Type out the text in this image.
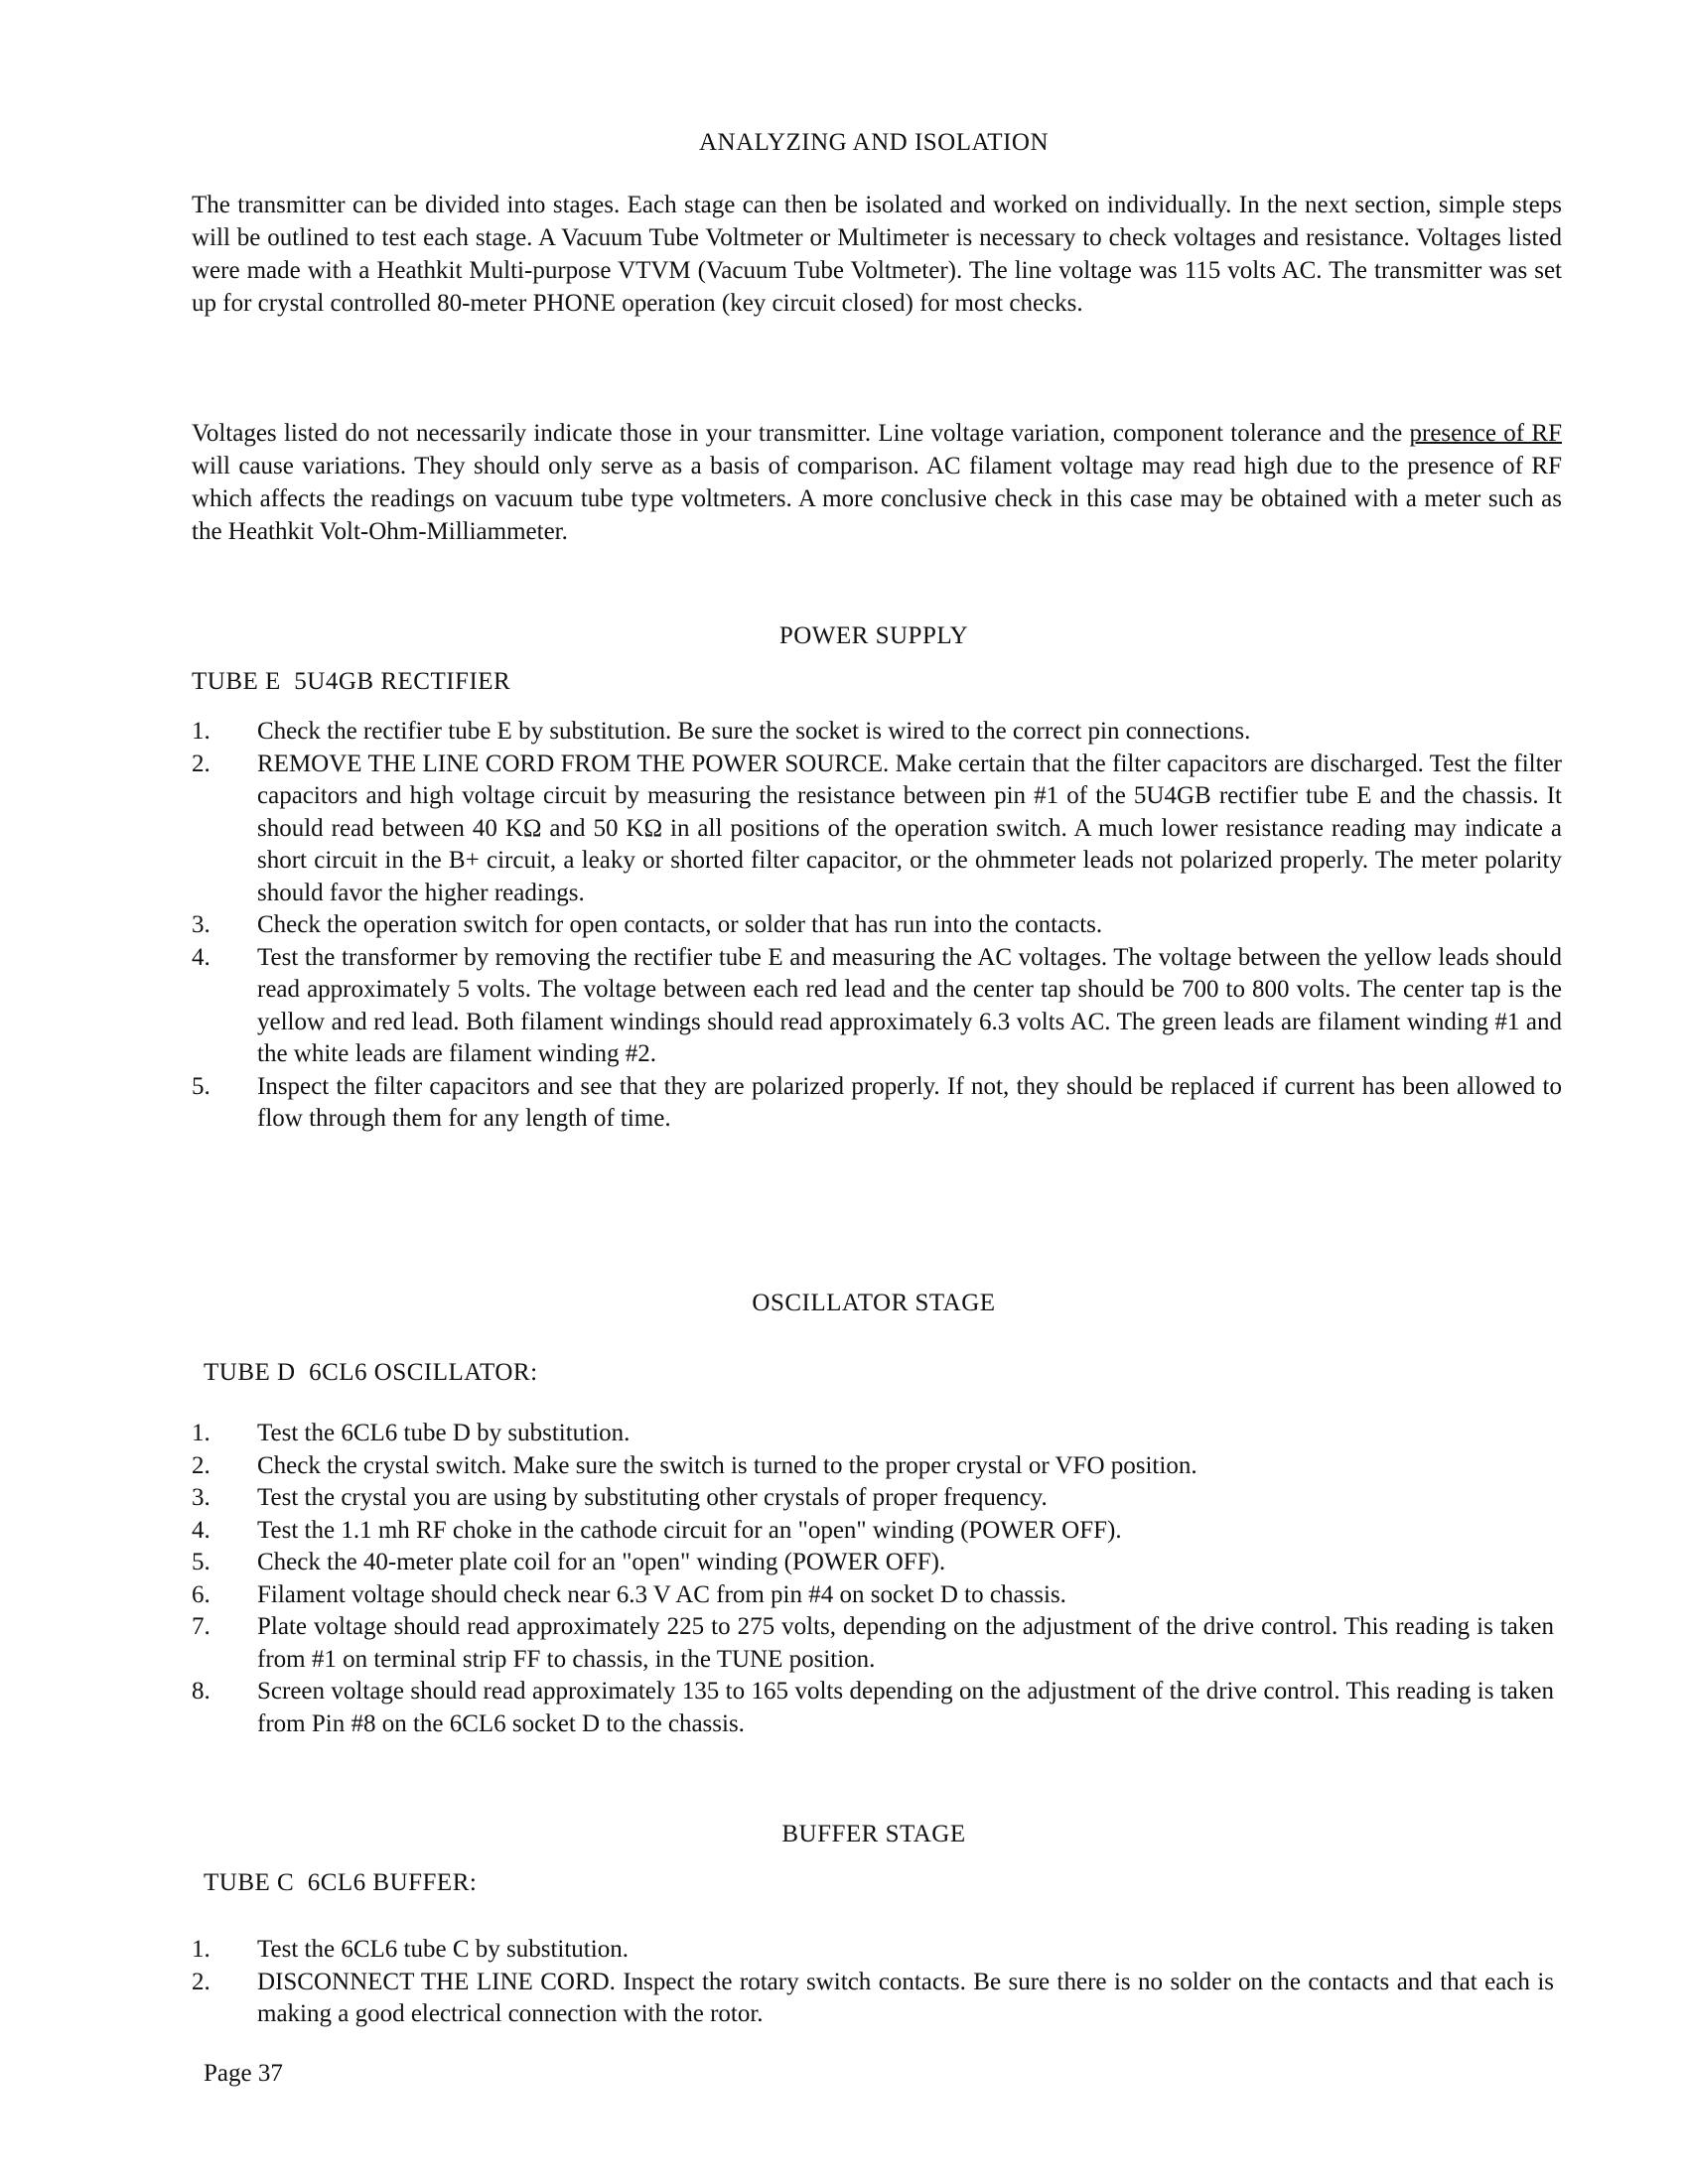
ANALYZING AND ISOLATION
The transmitter can be divided into stages. Each stage can then be isolated and worked on individually. In the next section, simple steps will be outlined to test each stage. A Vacuum Tube Voltmeter or Multimeter is necessary to check voltages and resistance. Voltages listed were made with a Heathkit Multi-purpose VTVM (Vacuum Tube Voltmeter). The line voltage was 115 volts AC. The transmitter was set up for crystal controlled 80-meter PHONE operation (key circuit closed) for most checks.
Voltages listed do not necessarily indicate those in your transmitter. Line voltage variation, component tolerance and the presence of RF will cause variations. They should only serve as a basis of comparison. AC filament voltage may read high due to the presence of RF which affects the readings on vacuum tube type voltmeters. A more conclusive check in this case may be obtained with a meter such as the Heathkit Volt-Ohm-Milliammeter.
POWER SUPPLY
TUBE E  5U4GB RECTIFIER
1.	Check the rectifier tube E by substitution. Be sure the socket is wired to the correct pin connections.
2.	REMOVE THE LINE CORD FROM THE POWER SOURCE. Make certain that the filter capacitors are discharged. Test the filter capacitors and high voltage circuit by measuring the resistance between pin #1 of the 5U4GB rectifier tube E and the chassis. It should read between 40 KΩ and 50 KΩ in all positions of the operation switch. A much lower resistance reading may indicate a short circuit in the B+ circuit, a leaky or shorted filter capacitor, or the ohmmeter leads not polarized properly. The meter polarity should favor the higher readings.
3.	Check the operation switch for open contacts, or solder that has run into the contacts.
4.	Test the transformer by removing the rectifier tube E and measuring the AC voltages. The voltage between the yellow leads should read approximately 5 volts. The voltage between each red lead and the center tap should be 700 to 800 volts. The center tap is the yellow and red lead. Both filament windings should read approximately 6.3 volts AC. The green leads are filament winding #1 and the white leads are filament winding #2.
5.	Inspect the filter capacitors and see that they are polarized properly. If not, they should be replaced if current has been allowed to flow through them for any length of time.
OSCILLATOR STAGE
TUBE D  6CL6 OSCILLATOR:
1.	Test the 6CL6 tube D by substitution.
2.	Check the crystal switch. Make sure the switch is turned to the proper crystal or VFO position.
3.	Test the crystal you are using by substituting other crystals of proper frequency.
4.	Test the 1.1 mh RF choke in the cathode circuit for an "open" winding (POWER OFF).
5.	Check the 40-meter plate coil for an "open" winding (POWER OFF).
6.	Filament voltage should check near 6.3 V AC from pin #4 on socket D to chassis.
7.	Plate voltage should read approximately 225 to 275 volts, depending on the adjustment of the drive control. This reading is taken from #1 on terminal strip FF to chassis, in the TUNE position.
8.	Screen voltage should read approximately 135 to 165 volts depending on the adjustment of the drive control. This reading is taken from Pin #8 on the 6CL6 socket D to the chassis.
BUFFER STAGE
TUBE C  6CL6 BUFFER:
1.	Test the 6CL6 tube C by substitution.
2.	DISCONNECT THE LINE CORD. Inspect the rotary switch contacts. Be sure there is no solder on the contacts and that each is making a good electrical connection with the rotor.
Page 37
